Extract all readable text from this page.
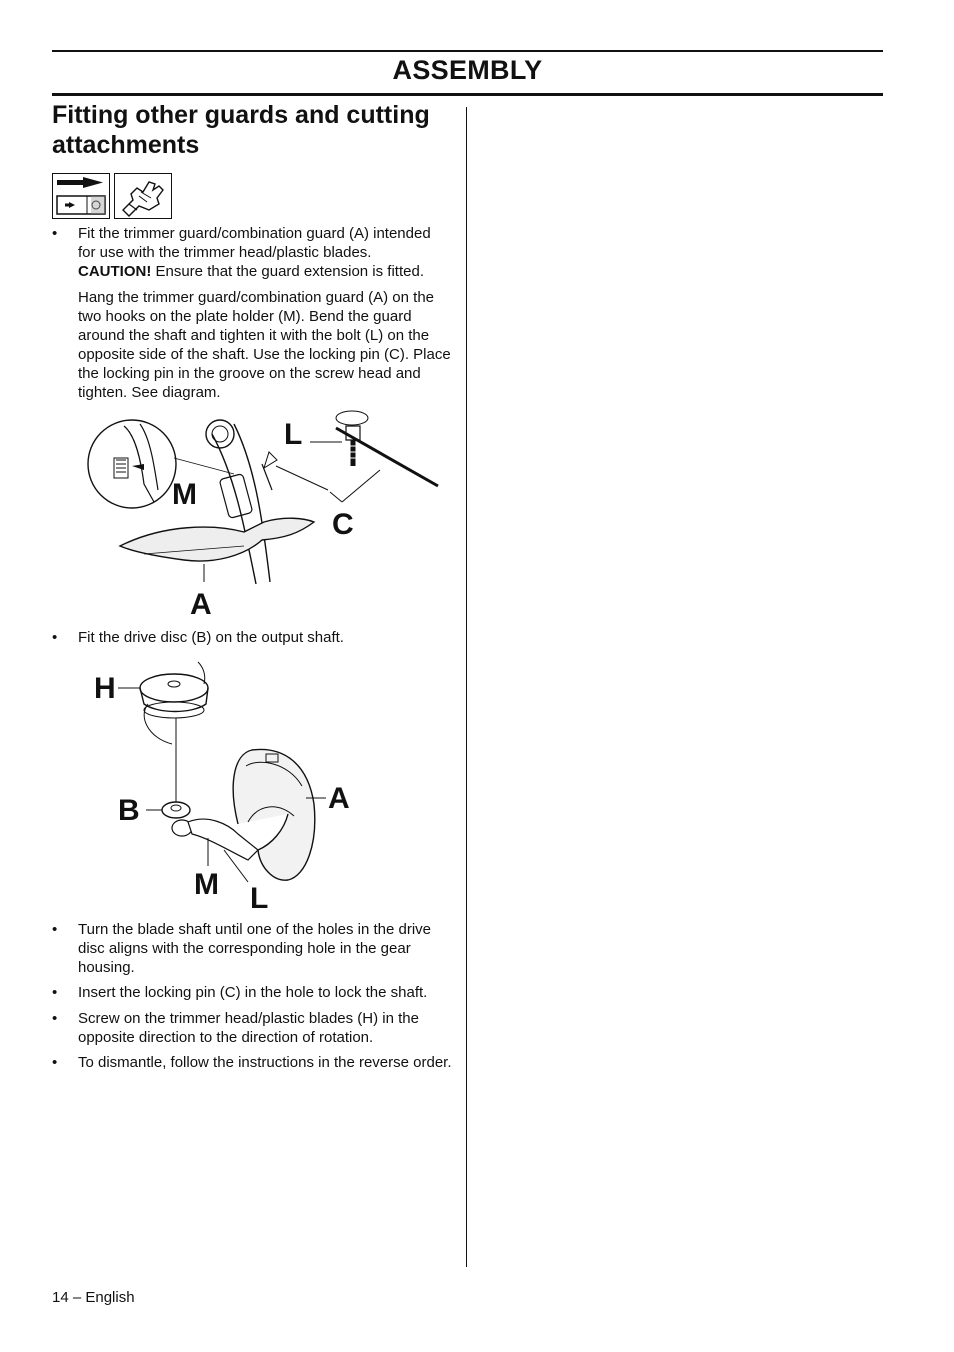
ASSEMBLY
Fitting other guards and cutting attachments
• Fit the trimmer guard/combination guard (A) intended for use with the trimmer head/plastic blades.
CAUTION! Ensure that the guard extension is fitted.
Hang the trimmer guard/combination guard (A) on the two hooks on the plate holder (M). Bend the guard around the shaft and tighten it with the bolt (L) on the opposite side of the shaft. Use the locking pin (C). Place the locking pin in the groove on the screw head and tighten. See diagram.
L
M
C
A
• Fit the drive disc (B) on the output shaft.
H
B	A
M L
• Turn the blade shaft until one of the holes in the drive disc aligns with the corresponding hole in the gear housing.
• Insert the locking pin (C) in the hole to lock the shaft.
• Screw on the trimmer head/plastic blades (H) in the opposite direction to the direction of rotation.
• To dismantle, follow the instructions in the reverse order.
14 – English
